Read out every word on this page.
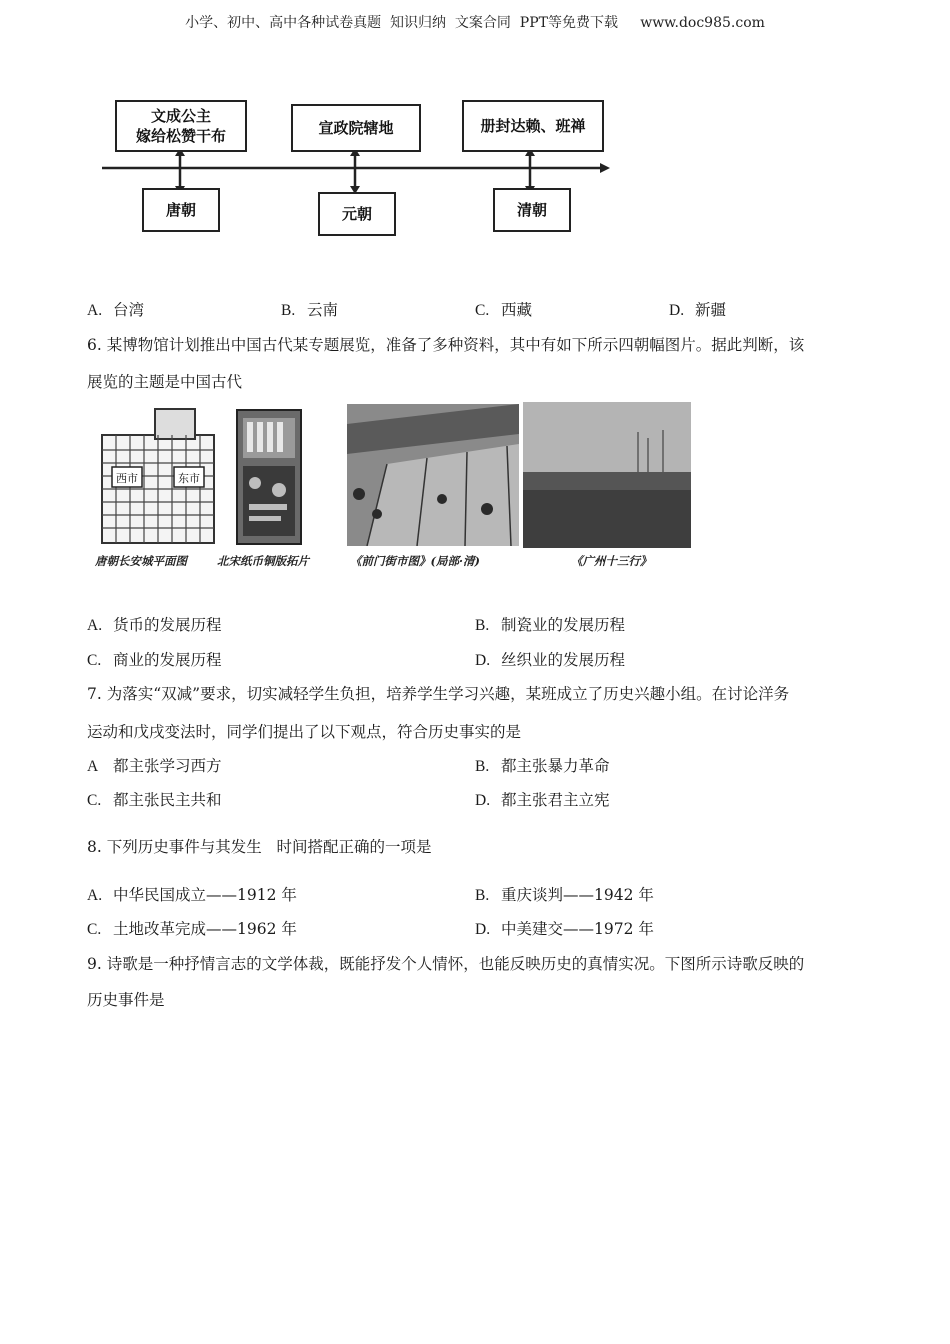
小学、初中、高中各种试卷真题  知识归纳  文案合同  PPT等免费下载     www.doc985.com
文成公主
嫁给松赞干布	宣政院辖地	册封达赖、班禅
唐朝	元朝	清朝
A. 台湾	B. 云南	C. 西藏	D. 新疆
6. 某博物馆计划推出中国古代某专题展览，准备了多种资料，其中有如下所示四朝幅图片。据此判断，该
展览的主题是中国古代
西市	东市
唐朝长安城平面图	北宋纸币铜版拓片	《前门街市图》(局部·清)	《广州十三行》
A. 货币的发展历程	B. 制瓷业的发展历程
C. 商业的发展历程	D. 丝织业的发展历程
7. 为落实“双减”要求，切实减轻学生负担，培养学生学习兴趣，某班成立了历史兴趣小组。在讨论洋务
运动和戊戌变法时，同学们提出了以下观点，符合历史事实的是
A 都主张学习西方	B. 都主张暴力革命
C. 都主张民主共和	D. 都主张君主立宪
8. 下列历史事件与其发生   时间搭配正确的一项是
A. 中华民国成立——1912 年	B. 重庆谈判——1942 年
C. 土地改革完成——1962 年	D. 中美建交——1972 年
9. 诗歌是一种抒情言志的文学体裁，既能抒发个人情怀，也能反映历史的真情实况。下图所示诗歌反映的
历史事件是
